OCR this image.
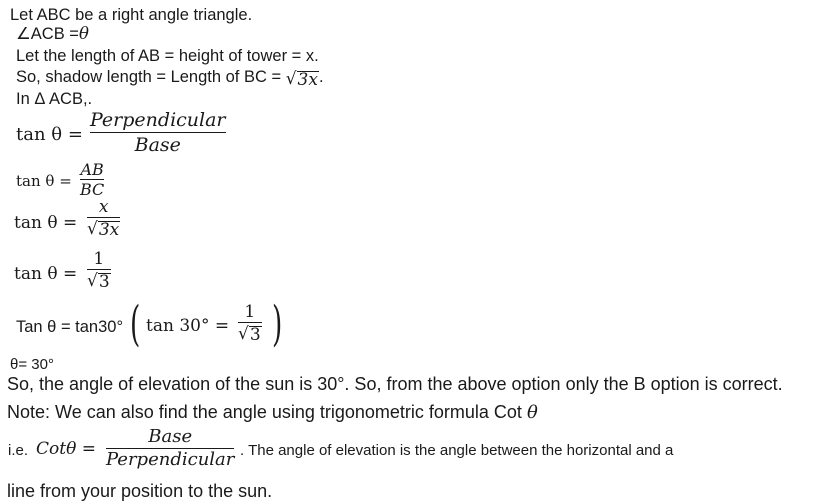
Let ABC be a right angle triangle.
∠ACB =θ
Let the length of AB = height of tower = x.
So, shadow length = Length of BC = √ 3x .
In Δ ACB,.
tan θ =
Perpendicular
Base
tan θ =
AB
BC
tan θ =
x
√ 3x
tan θ =
1
√ 3
Tan θ = tan30° ( tan 30° =
1
√ 3 )
θ= 30°
So, the angle of elevation of the sun is 30°. So, from the above option only the B option is correct.
Note: We can also find the angle using trigonometric formula Cot θ
i.e. Cotθ =
Base
Perpendicular . The angle of elevation is the angle between the horizontal and a
line from your position to the sun.
